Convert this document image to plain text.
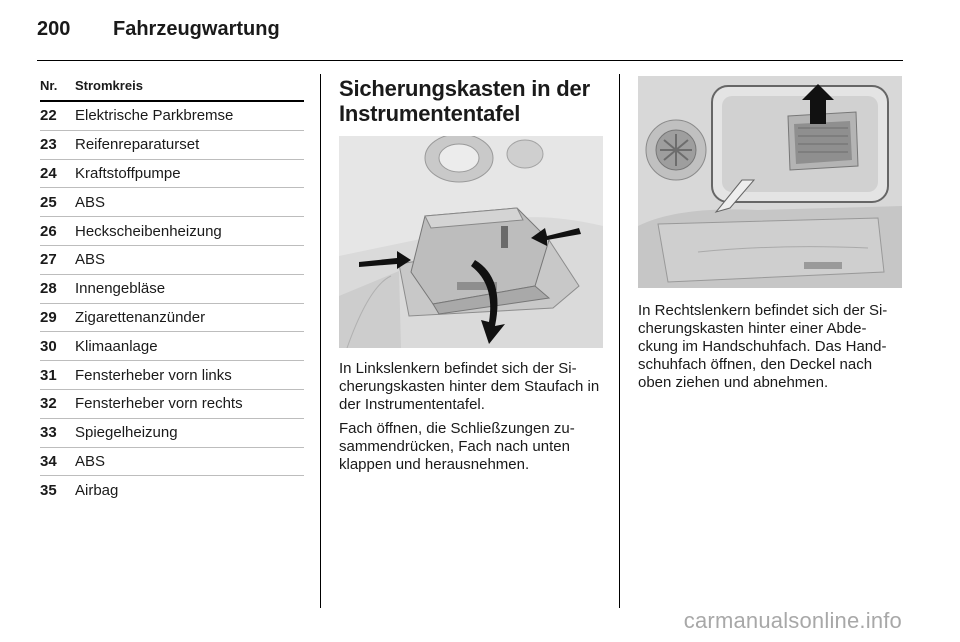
200 Fahrzeugwartung
Nr.	Stromkreis
22	Elektrische Parkbremse
23	Reifenreparaturset
24	Kraftstoffpumpe
25	ABS
26	Heckscheibenheizung
27	ABS
28	Innengebläse
29	Zigarettenanzünder
30	Klimaanlage
31	Fensterheber vorn links
32	Fensterheber vorn rechts
33	Spiegelheizung
34	ABS
35	Airbag
Sicherungskasten in der
Instrumententafel

In Linkslenkern befindet sich der Si-cherungskasten hinter dem Staufach in der Instrumententafel.

Fach öffnen, die Schließzungen zu-sammendrücken, Fach nach unten klappen und herausnehmen.

In Rechtslenkern befindet sich der Si-cherungskasten hinter einer Abde-ckung im Handschuhfach. Das Hand-schuhfach öffnen, den Deckel nach oben ziehen und abnehmen.

carmanualsonline.info
